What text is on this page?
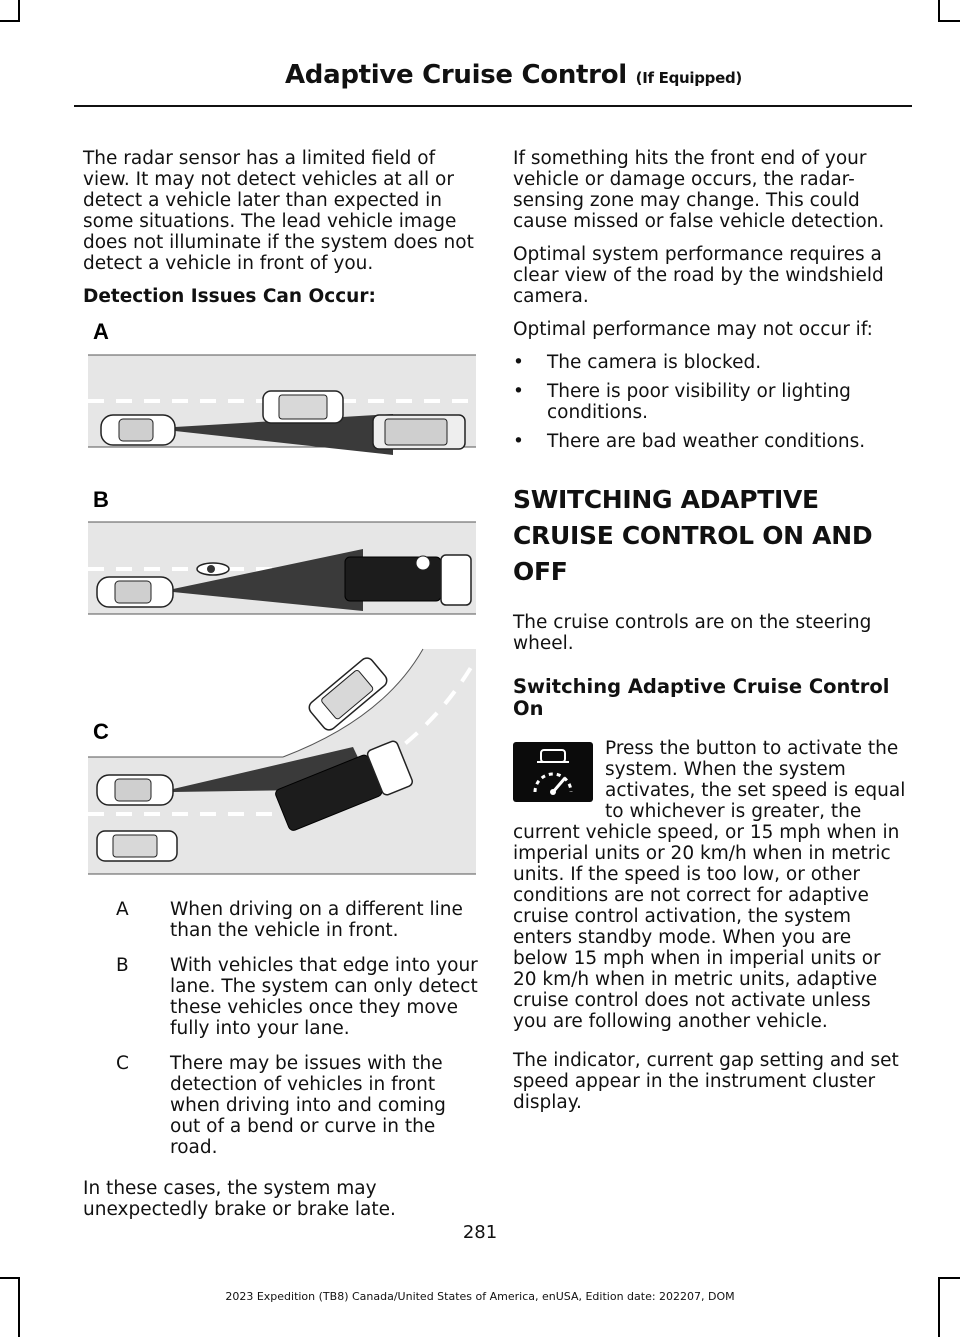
Adaptive Cruise Control (If Equipped)

The radar sensor has a limited field of view. It may not detect vehicles at all or detect a vehicle later than expected in some situations. The lead vehicle image does not illuminate if the system does not detect a vehicle in front of you.

Detection Issues Can Occur:
A
B
C
A	When driving on a different line than the vehicle in front.
B	With vehicles that edge into your lane. The system can only detect these vehicles once they move fully into your lane.
C	There may be issues with the detection of vehicles in front when driving into and coming out of a bend or curve in the road.

In these cases, the system may unexpectedly brake or brake late.

If something hits the front end of your vehicle or damage occurs, the radar-sensing zone may change. This could cause missed or false vehicle detection.

Optimal system performance requires a clear view of the road by the windshield camera.

Optimal performance may not occur if:

•	The camera is blocked.
•	There is poor visibility or lighting conditions.
•	There are bad weather conditions.
SWITCHING ADAPTIVE
CRUISE CONTROL ON AND OFF

The cruise controls are on the steering wheel.

Switching Adaptive Cruise Control On

Press the button to activate the system. When the system activates, the set speed is equal to whichever is greater, the current vehicle speed, or 15 mph when in imperial units or 20 km/h when in metric units. If the speed is too low, or other conditions are not correct for adaptive cruise control activation, the system enters standby mode. When you are below 15 mph when in imperial units or 20 km/h when in metric units, adaptive cruise control does not activate unless you are following another vehicle.

The indicator, current gap setting and set speed appear in the instrument cluster display.

281
2023 Expedition (TB8) Canada/United States of America, enUSA, Edition date: 202207, DOM
